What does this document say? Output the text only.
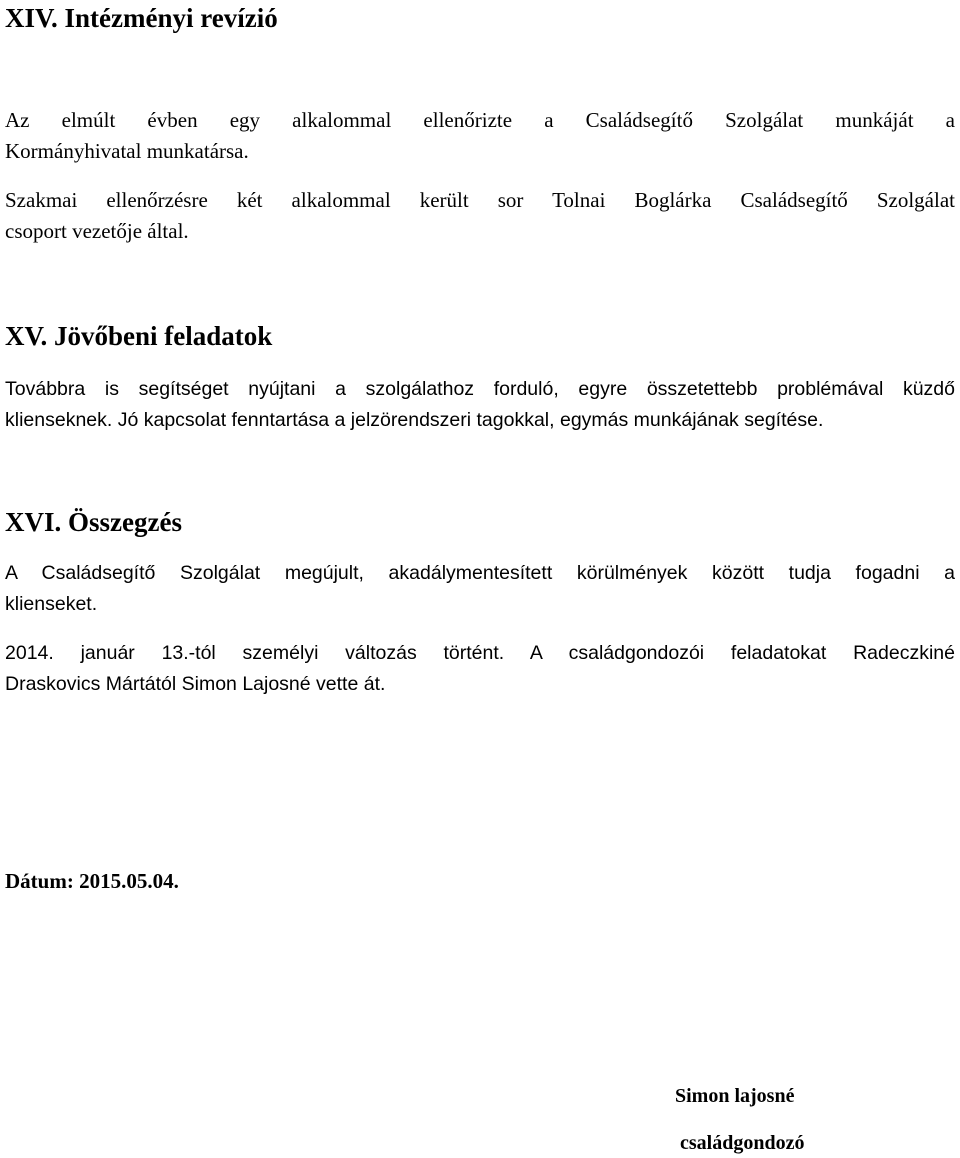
XIV. Intézményi revízió
Az elmúlt évben egy alkalommal ellenőrizte a Családsegítő Szolgálat munkáját a
Kormányhivatal munkatársa.
Szakmai ellenőrzésre két alkalommal került sor Tolnai Boglárka Családsegítő Szolgálat
csoport vezetője által.
XV. Jövőbeni feladatok
Továbbra is segítséget nyújtani a szolgálathoz forduló, egyre összetettebb problémával küzdő
klienseknek. Jó kapcsolat fenntartása a jelzörendszeri tagokkal, egymás munkájának segítése.
XVI. Összegzés
A Családsegítő Szolgálat megújult, akadálymentesített körülmények között tudja fogadni a
klienseket.
2014. január 13.-tól személyi változás történt. A családgondozói feladatokat Radeczkiné
Draskovics Mártától Simon Lajosné vette át.

Dátum: 2015.05.04.

Simon lajosné

családgondozó
